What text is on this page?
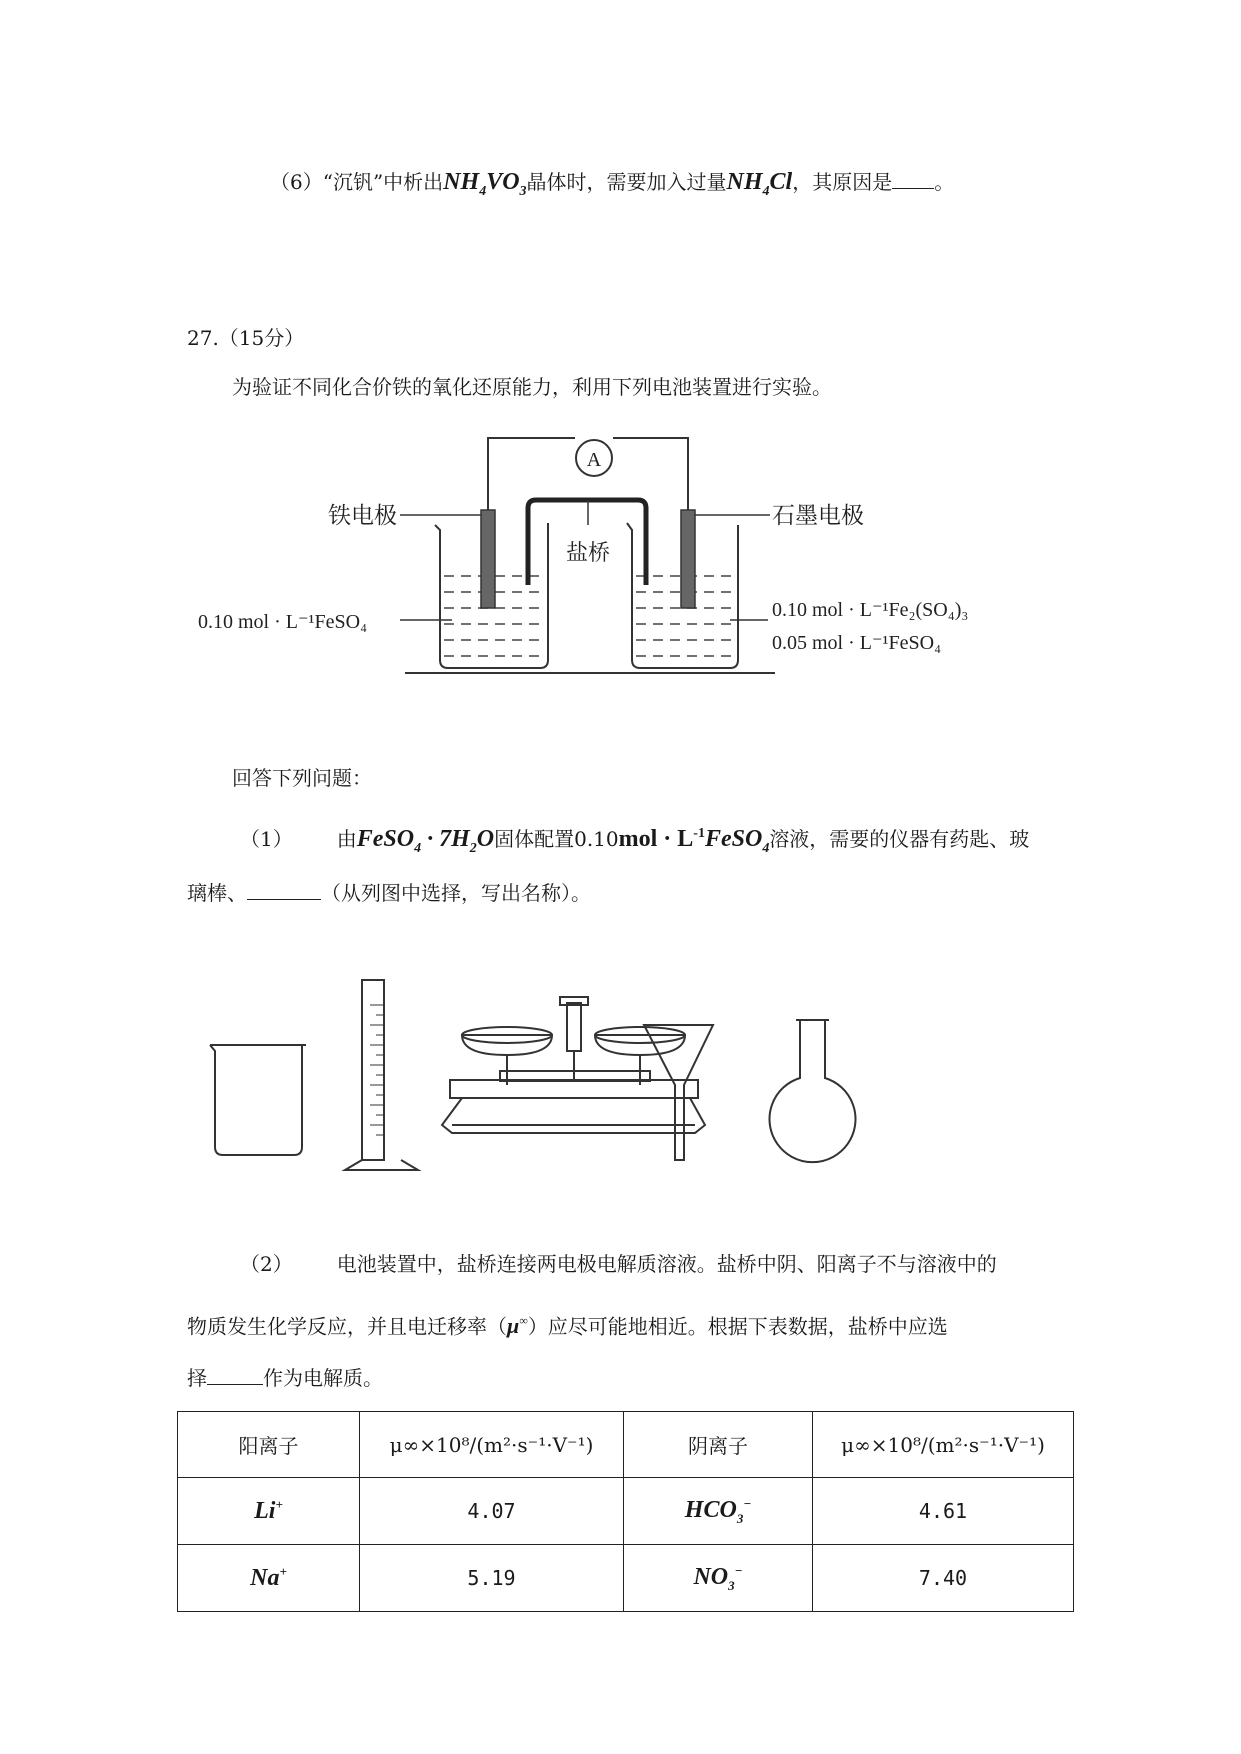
（6）“沉钒”中析出$NH_4VO_3$晶体时，需要加入过量$NH_4Cl$，其原因是 。
27.（15分）
为验证不同化合价铁的氧化还原能力，利用下列电池装置进行实验。
A
盐桥
铁电极	石墨电极
0.10 mol · L⁻¹FeSO₄
0.10 mol · L⁻¹Fe₂(SO₄)₃
0.05 mol · L⁻¹FeSO₄
回答下列问题：
（1） 由FeSO$_4$ · $7H_2O$固体配置$0.10mol \cdot L^{-1}FeSO_4$溶液，需要的仪器有药匙、玻
璃棒、	（从列图中选择，写出名称）。
（2） 电池装置中，盐桥连接两电极电解质溶液。盐桥中阴、阳离子不与溶液中的
物质发生化学反应，并且电迁移率（μ∞）应尽可能地相近。根据下表数据，盐桥中应选
择	作为电解质。
阳离子	μ∞×10⁸/(m²·s⁻¹·V⁻¹)	阴离子	μ∞×10⁸/(m²·s⁻¹·V⁻¹)
Li+	4.07	$HCO_3^-$	4.61
Na+	5.19	$NO_3^-$	7.40
